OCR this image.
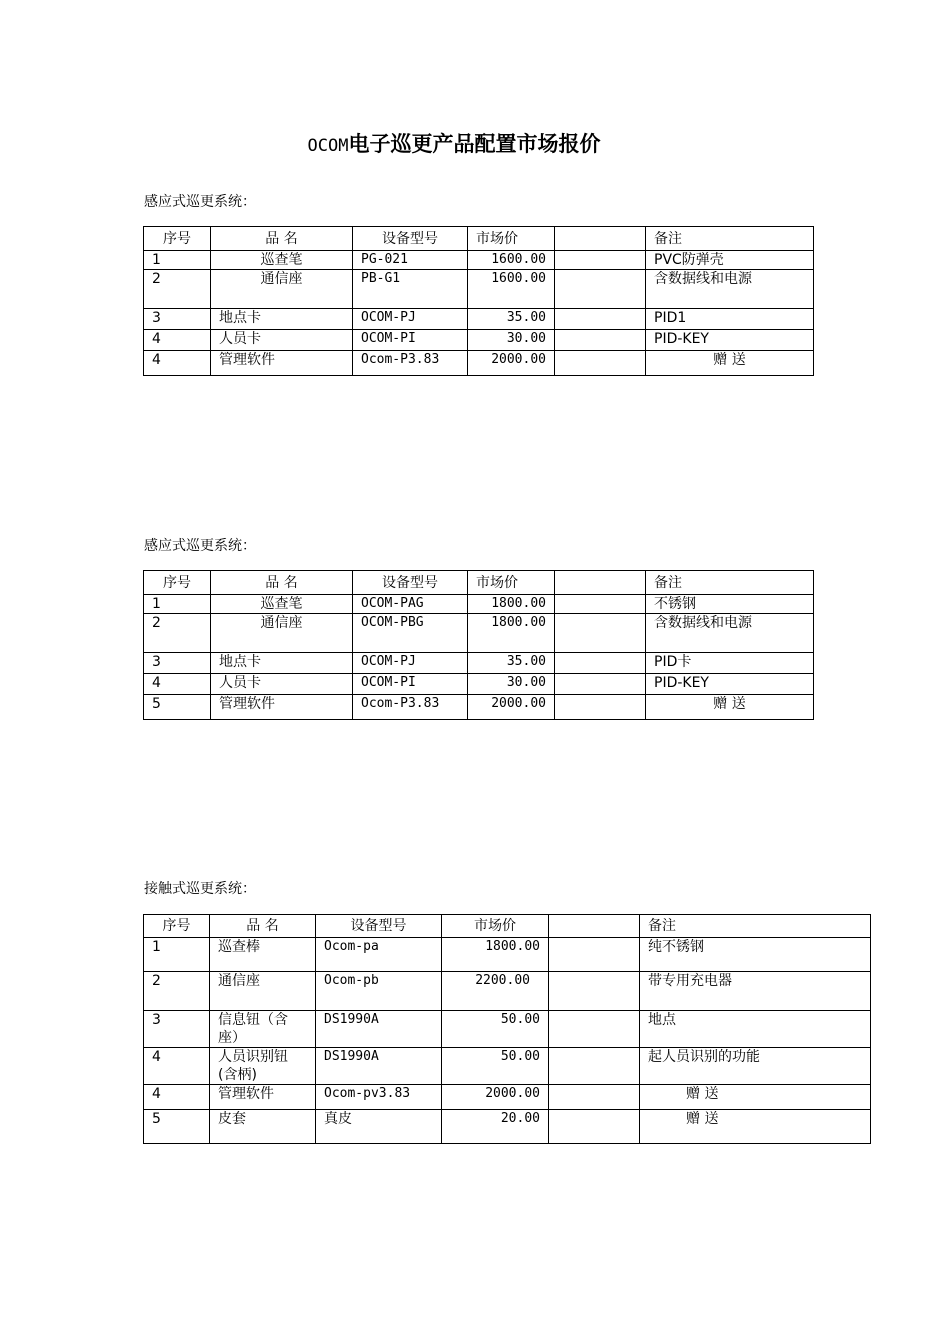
OCOM电子巡更产品配置市场报价
感应式巡更系统：
序号	品 名	设备型号	市场价		备注
1	巡查笔	PG-021	1600.00		PVC防弹壳
2	通信座	PB-G1	1600.00		含数据线和电源
3	地点卡	OCOM-PJ	35.00		PID1
4	人员卡	OCOM-PI	30.00		PID-KEY
4	管理软件	Ocom-P3.83	2000.00		赠 送
感应式巡更系统：
序号	品 名	设备型号	市场价		备注
1	巡查笔	OCOM-PAG	1800.00		不锈钢
2	通信座	OCOM-PBG	1800.00		含数据线和电源
3	地点卡	OCOM-PJ	35.00		PID卡
4	人员卡	OCOM-PI	30.00		PID-KEY
5	管理软件	Ocom-P3.83	2000.00		赠 送
接触式巡更系统：
序号	品 名	设备型号	市场价		备注
1	巡查棒	Ocom-pa	1800.00		纯不锈钢
2	通信座	Ocom-pb	2200.00		带专用充电器
3	信息钮（含座）	DS1990A	50.00		地点
4	人员识别钮(含柄)	DS1990A	50.00		起人员识别的功能
4	管理软件	Ocom-pv3.83	2000.00		赠 送
5	皮套	真皮	20.00		赠 送
